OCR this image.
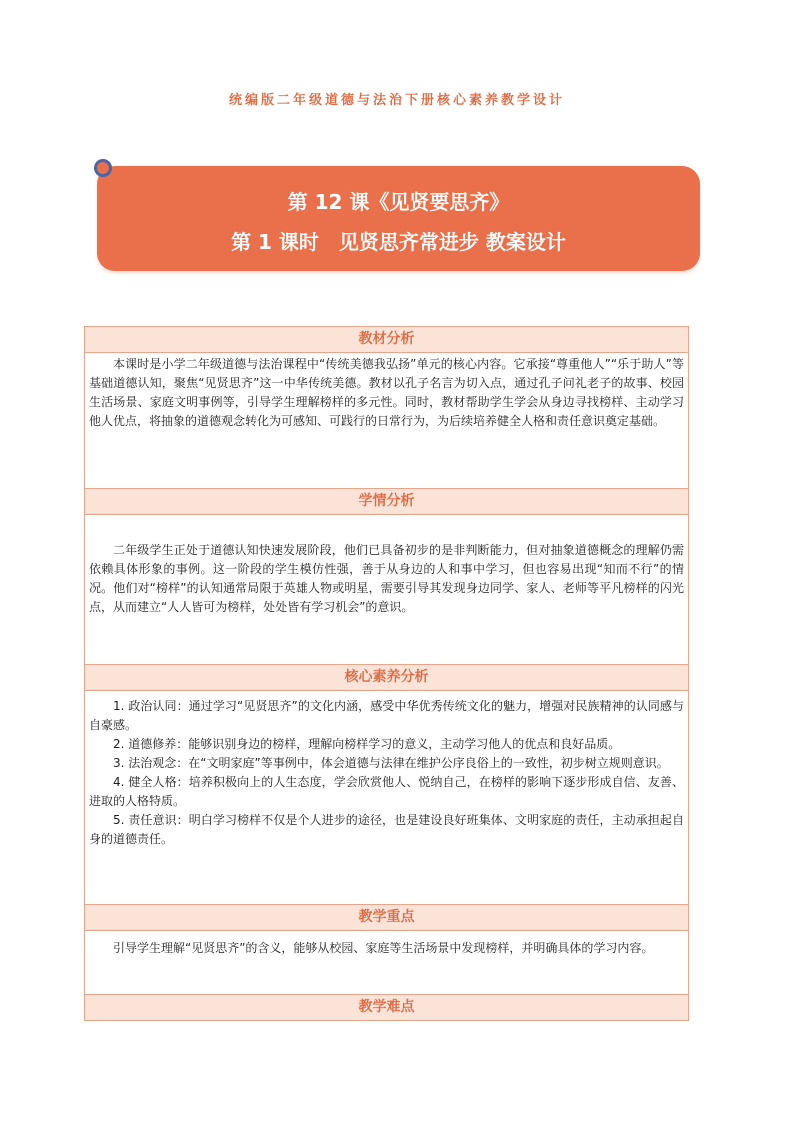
统编版二年级道德与法治下册核心素养教学设计
第 12 课《见贤要思齐》
第 1 课时　见贤思齐常进步 教案设计
教材分析

本课时是小学二年级道德与法治课程中“传统美德我弘扬”单元的核心内容。它承接“尊重他人”“乐于助人”等基础道德认知，聚焦“见贤思齐”这一中华传统美德。教材以孔子名言为切入点，通过孔子问礼老子的故事、校园生活场景、家庭文明事例等，引导学生理解榜样的多元性。同时，教材帮助学生学会从身边寻找榜样、主动学习他人优点，将抽象的道德观念转化为可感知、可践行的日常行为，为后续培养健全人格和责任意识奠定基础。

学情分析

二年级学生正处于道德认知快速发展阶段，他们已具备初步的是非判断能力，但对抽象道德概念的理解仍需依赖具体形象的事例。这一阶段的学生模仿性强，善于从身边的人和事中学习，但也容易出现“知而不行”的情况。他们对“榜样”的认知通常局限于英雄人物或明星，需要引导其发现身边同学、家人、老师等平凡榜样的闪光点，从而建立“人人皆可为榜样，处处皆有学习机会”的意识。

核心素养分析

1. 政治认同：通过学习“见贤思齐”的文化内涵，感受中华优秀传统文化的魅力，增强对民族精神的认同感与自豪感。

2. 道德修养：能够识别身边的榜样，理解向榜样学习的意义，主动学习他人的优点和良好品质。

3. 法治观念：在“文明家庭”等事例中，体会道德与法律在维护公序良俗上的一致性，初步树立规则意识。

4. 健全人格：培养积极向上的人生态度，学会欣赏他人、悦纳自己，在榜样的影响下逐步形成自信、友善、进取的人格特质。

5. 责任意识：明白学习榜样不仅是个人进步的途径，也是建设良好班集体、文明家庭的责任，主动承担起自身的道德责任。

教学重点

引导学生理解“见贤思齐”的含义，能够从校园、家庭等生活场景中发现榜样，并明确具体的学习内容。

教学难点
